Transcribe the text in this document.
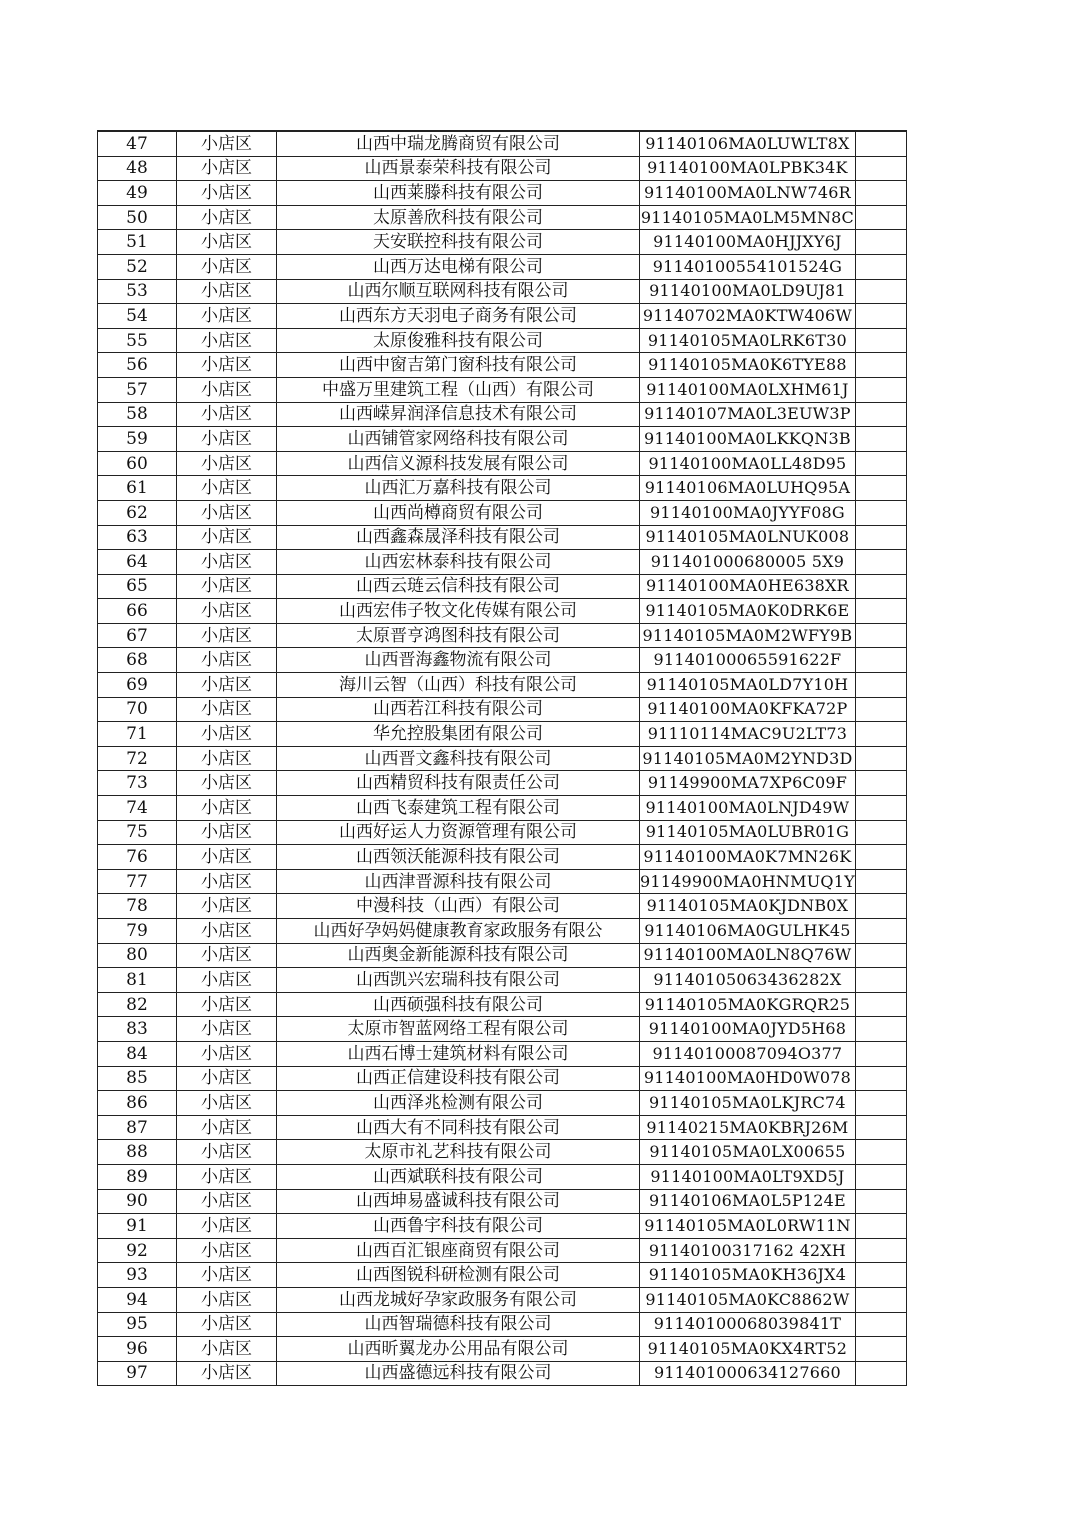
47	小店区	山西中瑞龙腾商贸有限公司	91140106MA0LUWLT8X	
48	小店区	山西景泰荣科技有限公司	91140100MA0LPBK34K	
49	小店区	山西莱滕科技有限公司	91140100MA0LNW746R	
50	小店区	太原善欣科技有限公司	91140105MA0LM5MN8C	
51	小店区	天安联控科技有限公司	91140100MA0HJJXY6J	
52	小店区	山西万达电梯有限公司	91140100554101524G	
53	小店区	山西尔顺互联网科技有限公司	91140100MA0LD9UJ81	
54	小店区	山西东方天羽电子商务有限公司	91140702MA0KTW406W	
55	小店区	太原俊雅科技有限公司	91140105MA0LRK6T30	
56	小店区	山西中窗吉第门窗科技有限公司	91140105MA0K6TYE88	
57	小店区	中盛万里建筑工程（山西）有限公司	91140100MA0LXHM61J	
58	小店区	山西嵘昇润泽信息技术有限公司	91140107MA0L3EUW3P	
59	小店区	山西铺管家网络科技有限公司	91140100MA0LKKQN3B	
60	小店区	山西信义源科技发展有限公司	91140100MA0LL48D95	
61	小店区	山西汇万嘉科技有限公司	91140106MA0LUHQ95A	
62	小店区	山西尚樽商贸有限公司	91140100MA0JYYF08G	
63	小店区	山西鑫森晟泽科技有限公司	91140105MA0LNUK008	
64	小店区	山西宏林泰科技有限公司	911401000680005 5X9	
65	小店区	山西云琏云信科技有限公司	91140100MA0HE638XR	
66	小店区	山西宏伟子牧文化传媒有限公司	91140105MA0K0DRK6E	
67	小店区	太原晋亨鸿图科技有限公司	91140105MA0M2WFY9B	
68	小店区	山西晋海鑫物流有限公司	91140100065591622F	
69	小店区	海川云智（山西）科技有限公司	91140105MA0LD7Y10H	
70	小店区	山西若江科技有限公司	91140100MA0KFKA72P	
71	小店区	华允控股集团有限公司	91110114MAC9U2LT73	
72	小店区	山西晋文鑫科技有限公司	91140105MA0M2YND3D	
73	小店区	山西精贸科技有限责任公司	91149900MA7XP6C09F	
74	小店区	山西飞泰建筑工程有限公司	91140100MA0LNJD49W	
75	小店区	山西好运人力资源管理有限公司	91140105MA0LUBR01G	
76	小店区	山西领沃能源科技有限公司	91140100MA0K7MN26K	
77	小店区	山西津晋源科技有限公司	91149900MA0HNMUQ1Y	
78	小店区	中漫科技（山西）有限公司	91140105MA0KJDNB0X	
79	小店区	山西好孕妈妈健康教育家政服务有限公	91140106MA0GULHK45	
80	小店区	山西奥金新能源科技有限公司	91140100MA0LN8Q76W	
81	小店区	山西凯兴宏瑞科技有限公司	91140105063436282X	
82	小店区	山西硕强科技有限公司	91140105MA0KGRQR25	
83	小店区	太原市智蓝网络工程有限公司	91140100MA0JYD5H68	
84	小店区	山西石博士建筑材料有限公司	91140100087094O377	
85	小店区	山西正信建设科技有限公司	91140100MA0HD0W078	
86	小店区	山西泽兆检测有限公司	91140105MA0LKJRC74	
87	小店区	山西大有不同科技有限公司	91140215MA0KBRJ26M	
88	小店区	太原市礼艺科技有限公司	91140105MA0LX00655	
89	小店区	山西斌联科技有限公司	91140100MA0LT9XD5J	
90	小店区	山西坤易盛诚科技有限公司	91140106MA0L5P124E	
91	小店区	山西鲁宇科技有限公司	91140105MA0L0RW11N	
92	小店区	山西百汇银座商贸有限公司	91140100317162 42XH	
93	小店区	山西图锐科研检测有限公司	91140105MA0KH36JX4	
94	小店区	山西龙城好孕家政服务有限公司	91140105MA0KC8862W	
95	小店区	山西智瑞德科技有限公司	91140100068039841T	
96	小店区	山西昕翼龙办公用品有限公司	91140105MA0KX4RT52	
97	小店区	山西盛德远科技有限公司	911401000634127660	
